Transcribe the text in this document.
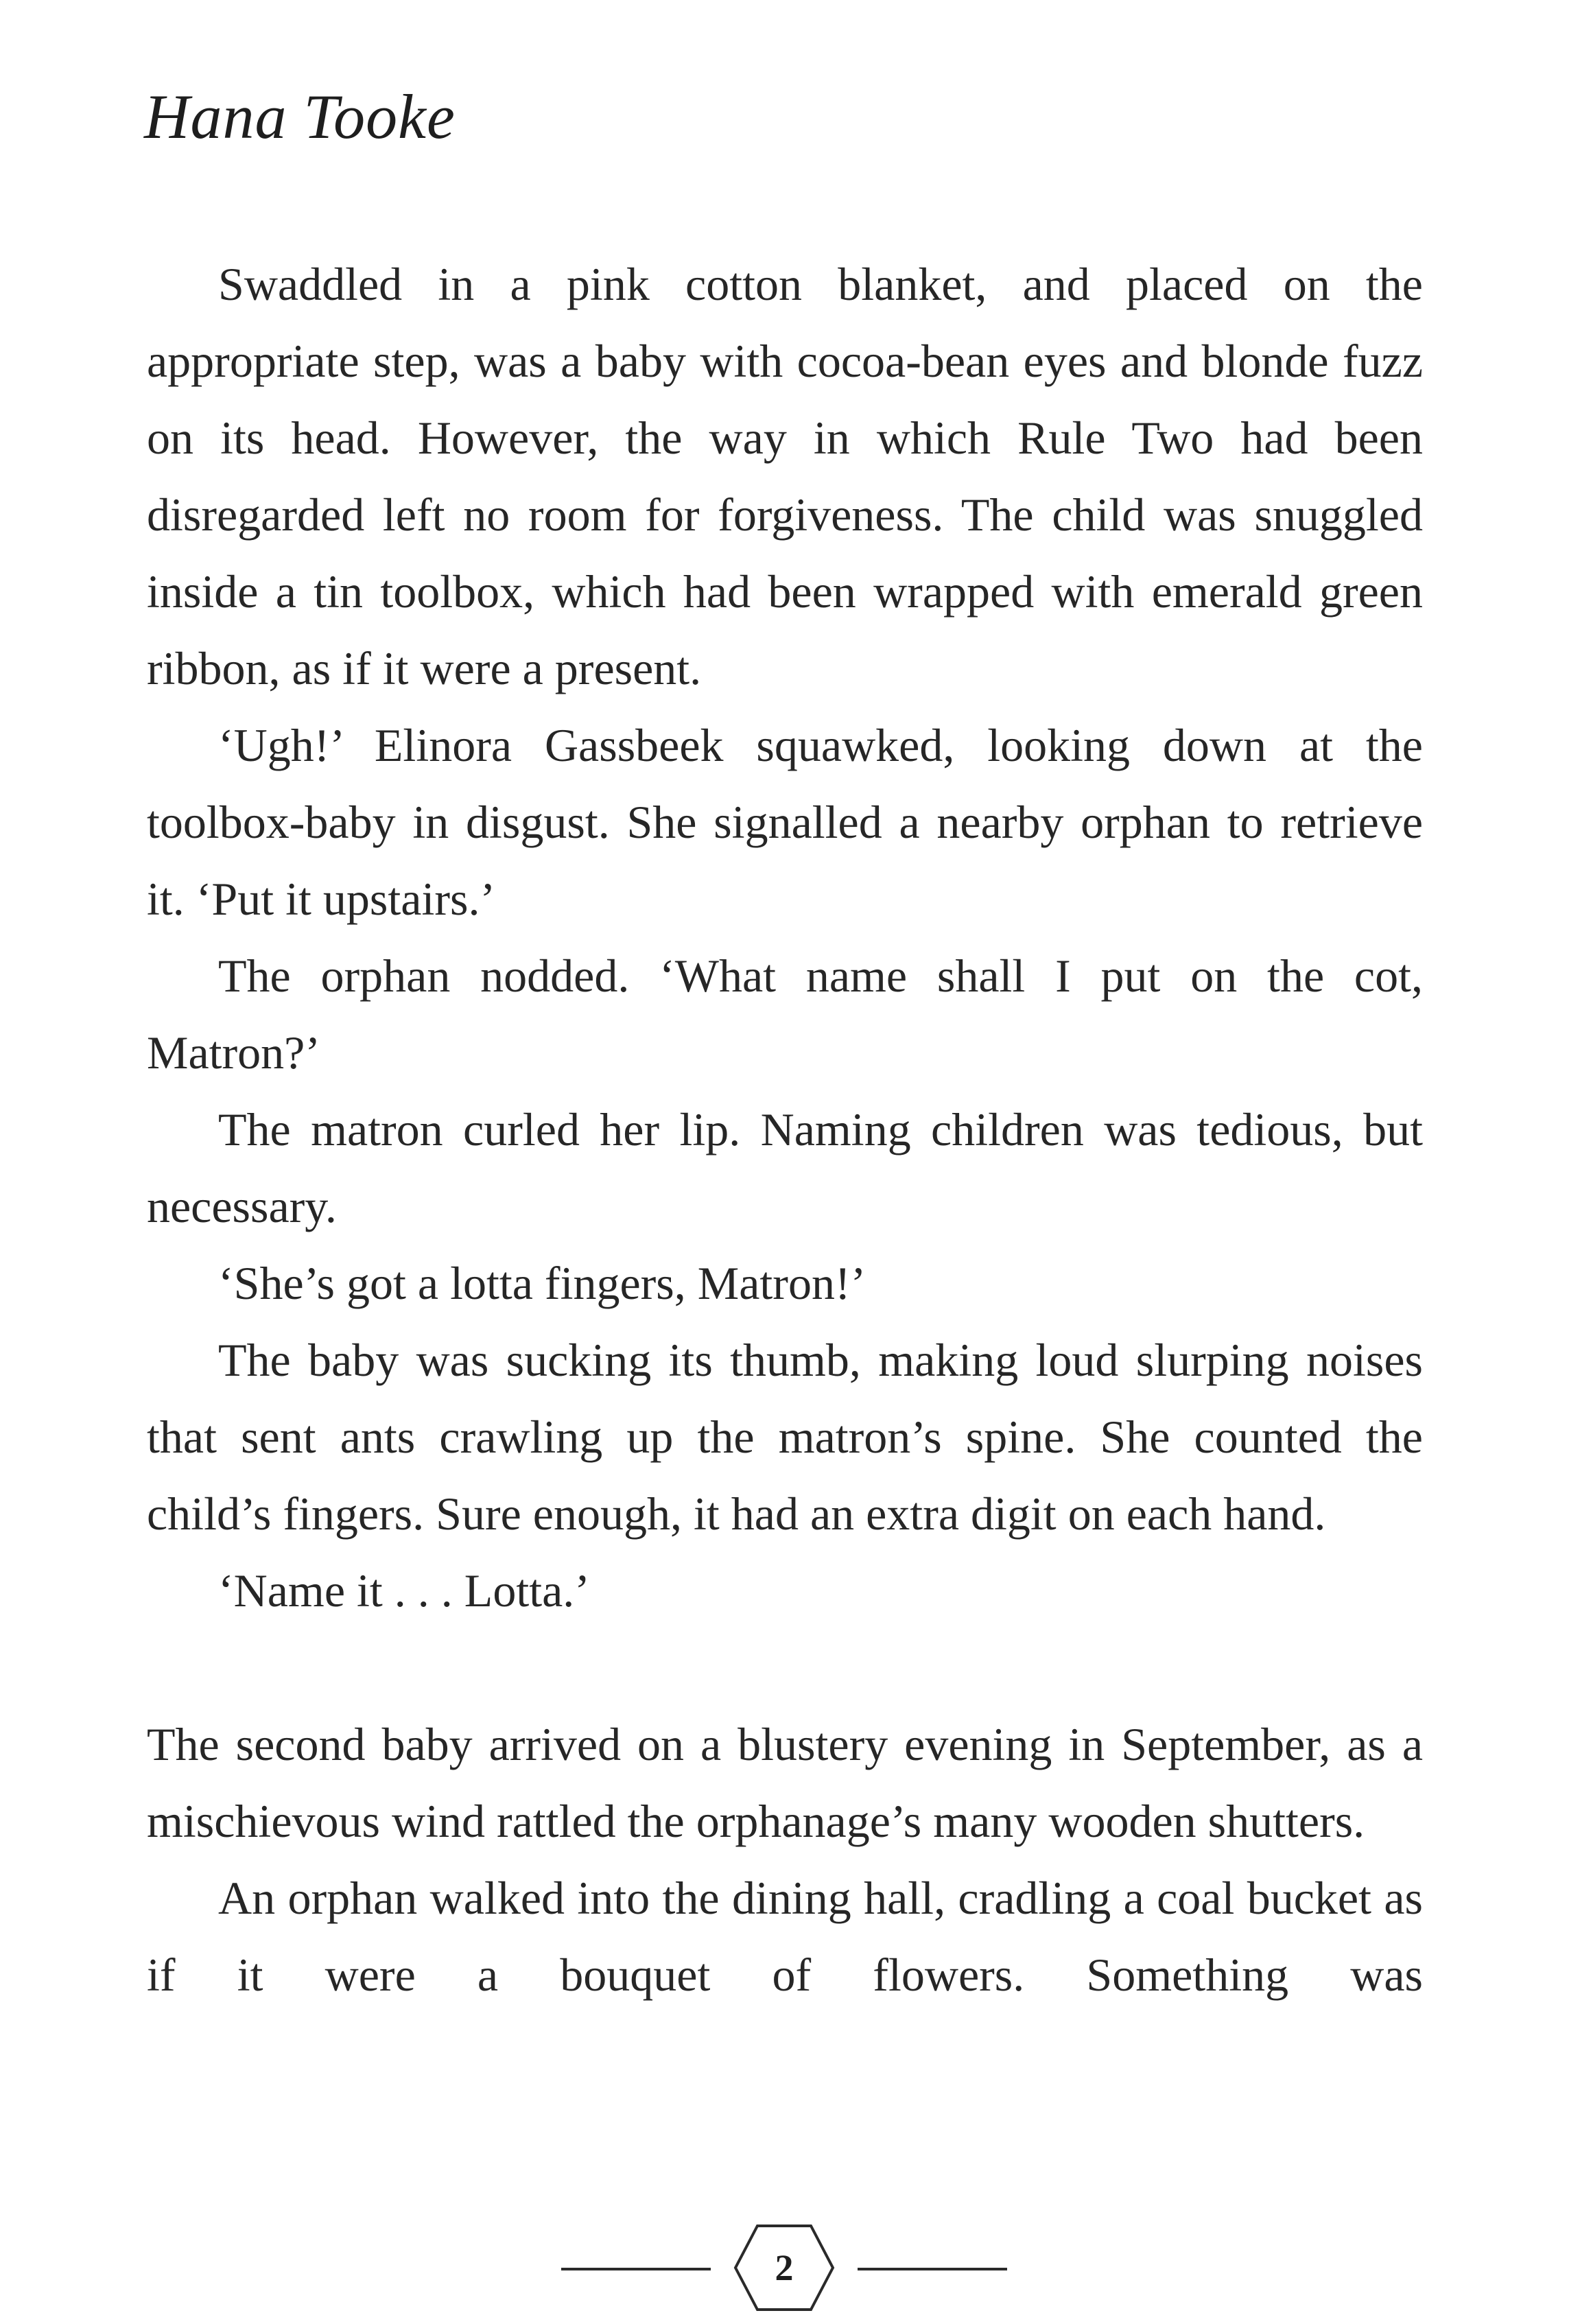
Hana Tooke

Swaddled in a pink cotton blanket, and placed on the appropriate step, was a baby with cocoa-bean eyes and blonde fuzz on its head. However, the way in which Rule Two had been disregarded left no room for forgiveness. The child was snuggled inside a tin toolbox, which had been wrapped with emerald green ribbon, as if it were a present.

‘Ugh!’ Elinora Gassbeek squawked, looking down at the toolbox-baby in disgust. She signalled a nearby orphan to retrieve it. ‘Put it upstairs.’

The orphan nodded. ‘What name shall I put on the cot, Matron?’

The matron curled her lip. Naming children was tedious, but necessary.

‘She’s got a lotta fingers, Matron!’

The baby was sucking its thumb, making loud slurping noises that sent ants crawling up the matron’s spine. She counted the child’s fingers. Sure enough, it had an extra digit on each hand.

‘Name it . . . Lotta.’

The second baby arrived on a blustery evening in September, as a mischievous wind rattled the orphanage’s many wooden shutters.

An orphan walked into the dining hall, cradling a coal bucket as if it were a bouquet of flowers. Something was

2
